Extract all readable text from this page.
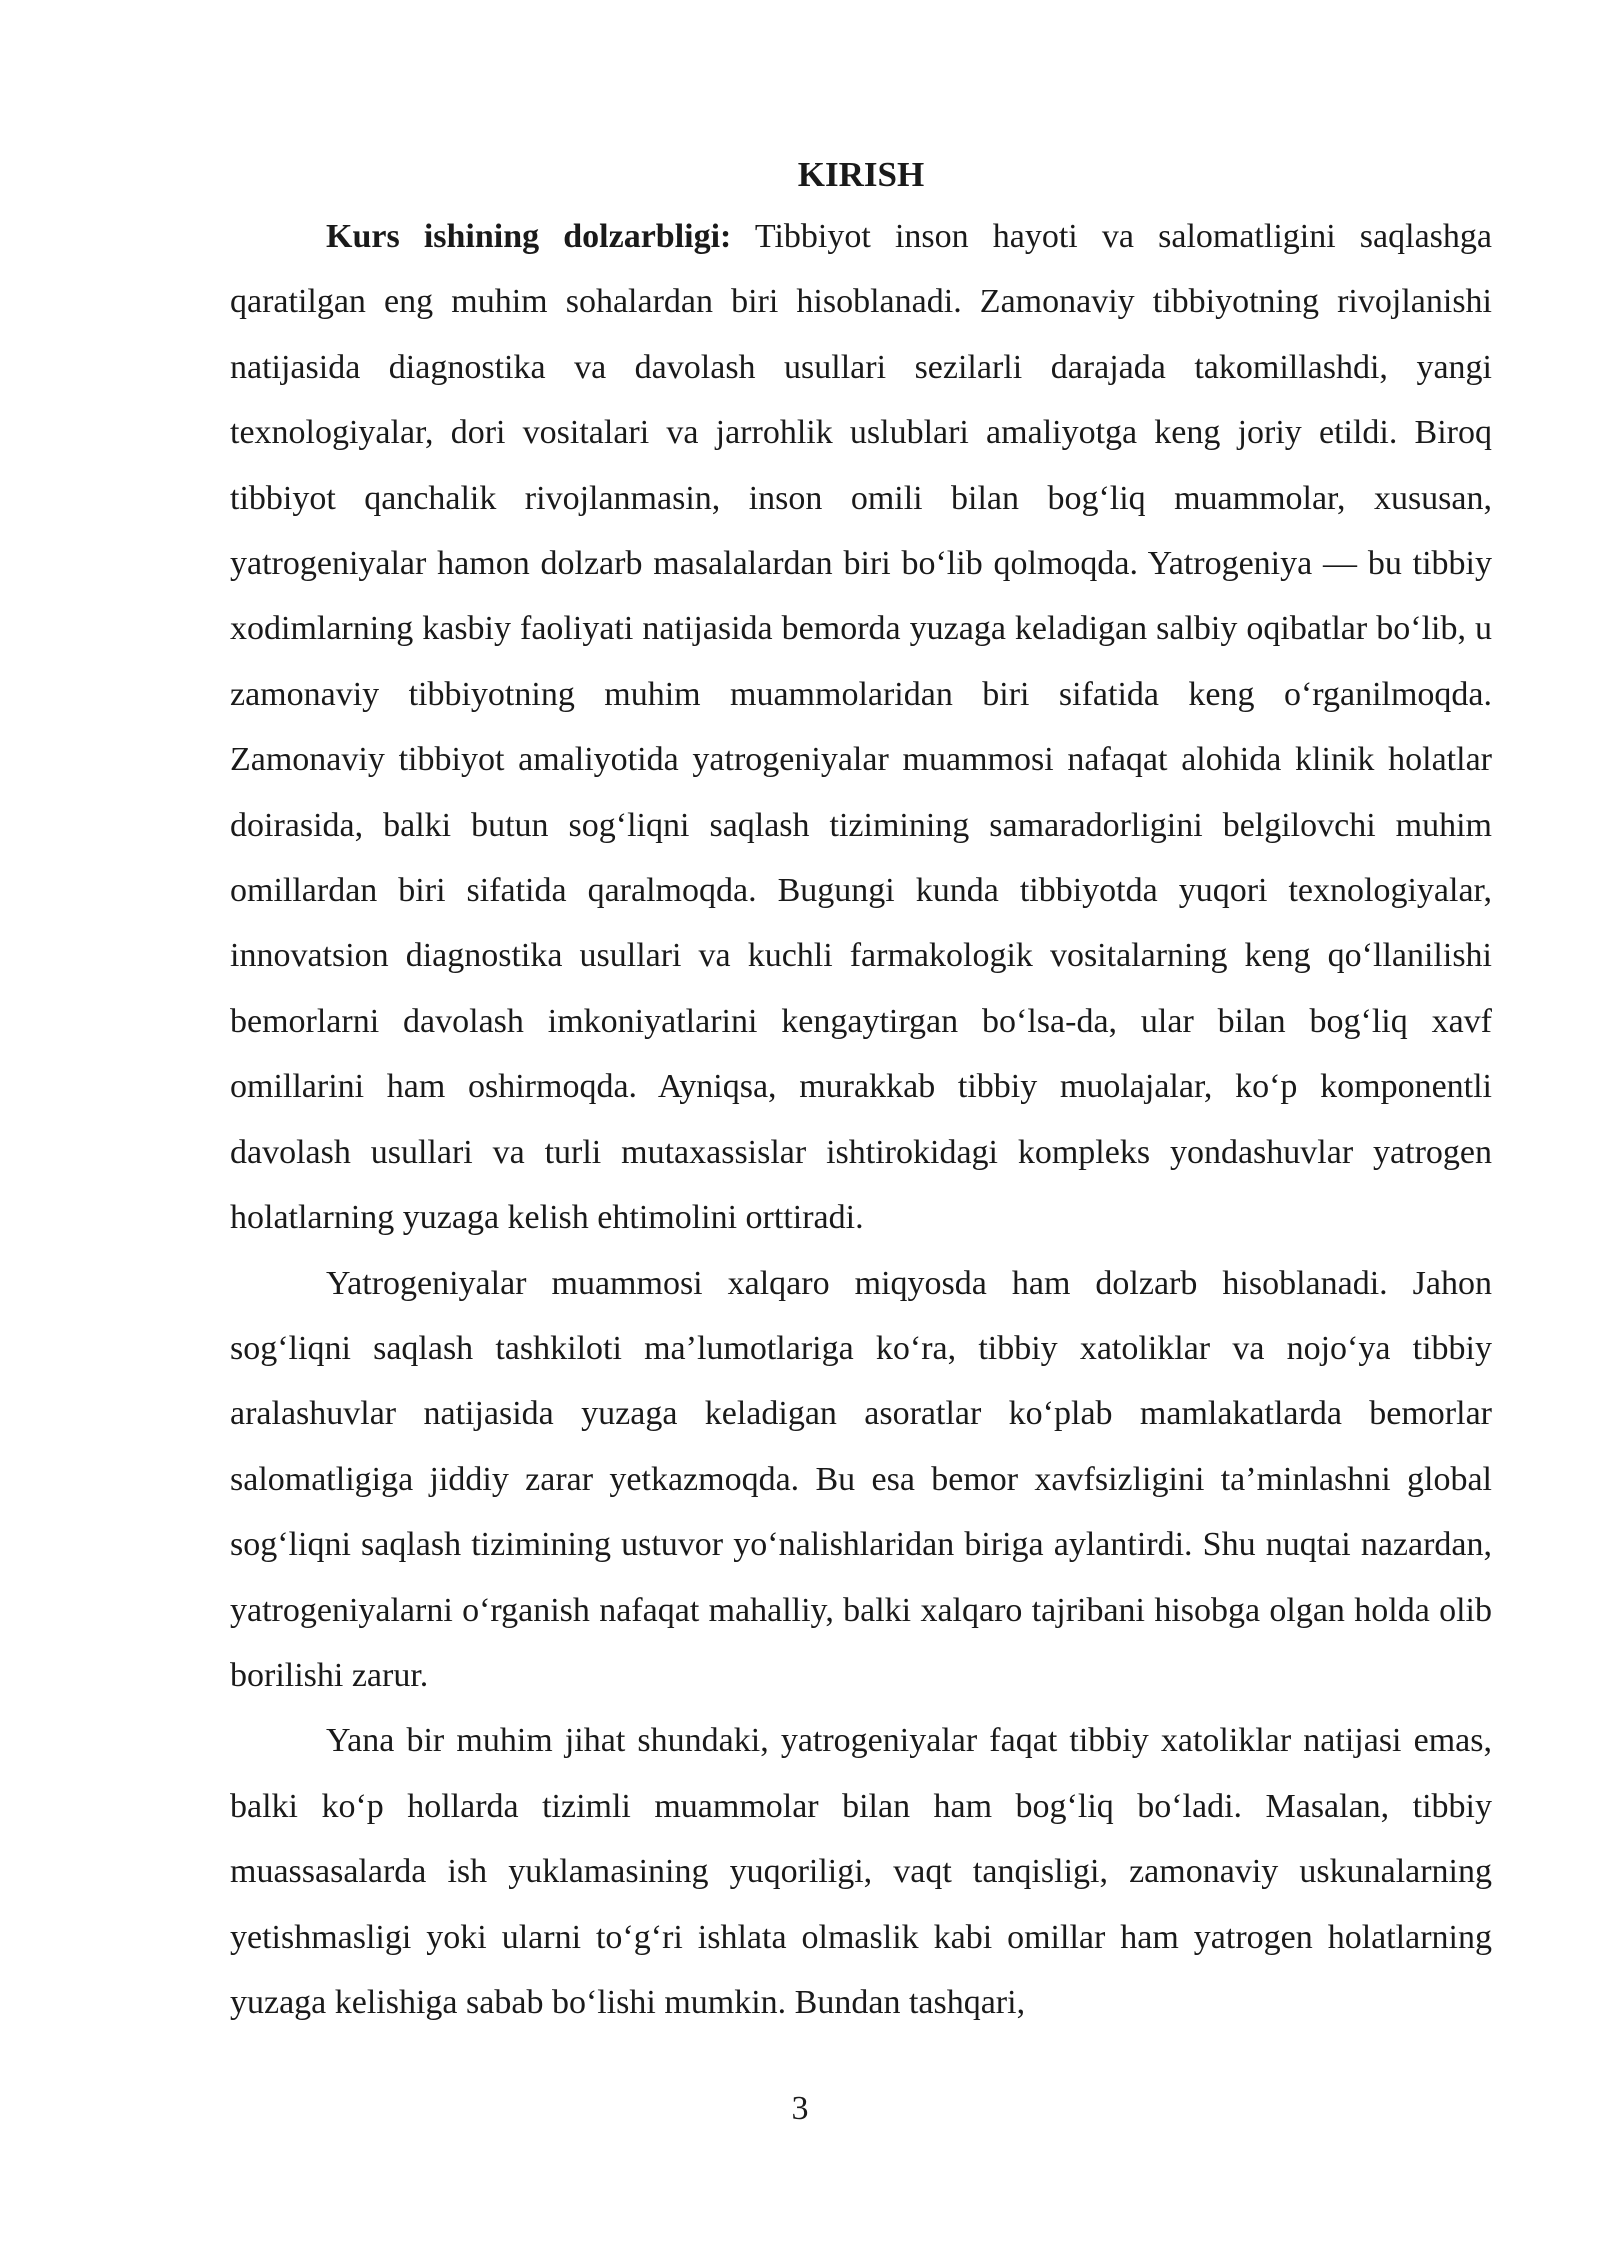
KIRISH

Kurs ishining dolzarbligi: Tibbiyot inson hayoti va salomatligini saqlashga qaratilgan eng muhim sohalardan biri hisoblanadi. Zamonaviy tibbiyotning rivojlanishi natijasida diagnostika va davolash usullari sezilarli darajada takomillashdi, yangi texnologiyalar, dori vositalari va jarrohlik uslublari amaliyotga keng joriy etildi. Biroq tibbiyot qanchalik rivojlanmasin, inson omili bilan bog‘liq muammolar, xususan, yatrogeniyalar hamon dolzarb masalalardan biri bo‘lib qolmoqda. Yatrogeniya — bu tibbiy xodimlarning kasbiy faoliyati natijasida bemorda yuzaga keladigan salbiy oqibatlar bo‘lib, u zamonaviy tibbiyotning muhim muammolaridan biri sifatida keng o‘rganilmoqda. Zamonaviy tibbiyot amaliyotida yatrogeniyalar muammosi nafaqat alohida klinik holatlar doirasida, balki butun sog‘liqni saqlash tizimining samaradorligini belgilovchi muhim omillardan biri sifatida qaralmoqda. Bugungi kunda tibbiyotda yuqori texnologiyalar, innovatsion diagnostika usullari va kuchli farmakologik vositalarning keng qo‘llanilishi bemorlarni davolash imkoniyatlarini kengaytirgan bo‘lsa-da, ular bilan bog‘liq xavf omillarini ham oshirmoqda. Ayniqsa, murakkab tibbiy muolajalar, ko‘p komponentli davolash usullari va turli mutaxassislar ishtirokidagi kompleks yondashuvlar yatrogen holatlarning yuzaga kelish ehtimolini orttiradi.

Yatrogeniyalar muammosi xalqaro miqyosda ham dolzarb hisoblanadi. Jahon sog‘liqni saqlash tashkiloti ma’lumotlariga ko‘ra, tibbiy xatoliklar va nojo‘ya tibbiy aralashuvlar natijasida yuzaga keladigan asoratlar ko‘plab mamlakatlarda bemorlar salomatligiga jiddiy zarar yetkazmoqda. Bu esa bemor xavfsizligini ta’minlashni global sog‘liqni saqlash tizimining ustuvor yo‘nalishlaridan biriga aylantirdi. Shu nuqtai nazardan, yatrogeniyalarni o‘rganish nafaqat mahalliy, balki xalqaro tajribani hisobga olgan holda olib borilishi zarur.

Yana bir muhim jihat shundaki, yatrogeniyalar faqat tibbiy xatoliklar natijasi emas, balki ko‘p hollarda tizimli muammolar bilan ham bog‘liq bo‘ladi. Masalan, tibbiy muassasalarda ish yuklamasining yuqoriligi, vaqt tanqisligi, zamonaviy uskunalarning yetishmasligi yoki ularni to‘g‘ri ishlata olmaslik kabi omillar ham yatrogen holatlarning yuzaga kelishiga sabab bo‘lishi mumkin. Bundan tashqari,

3
